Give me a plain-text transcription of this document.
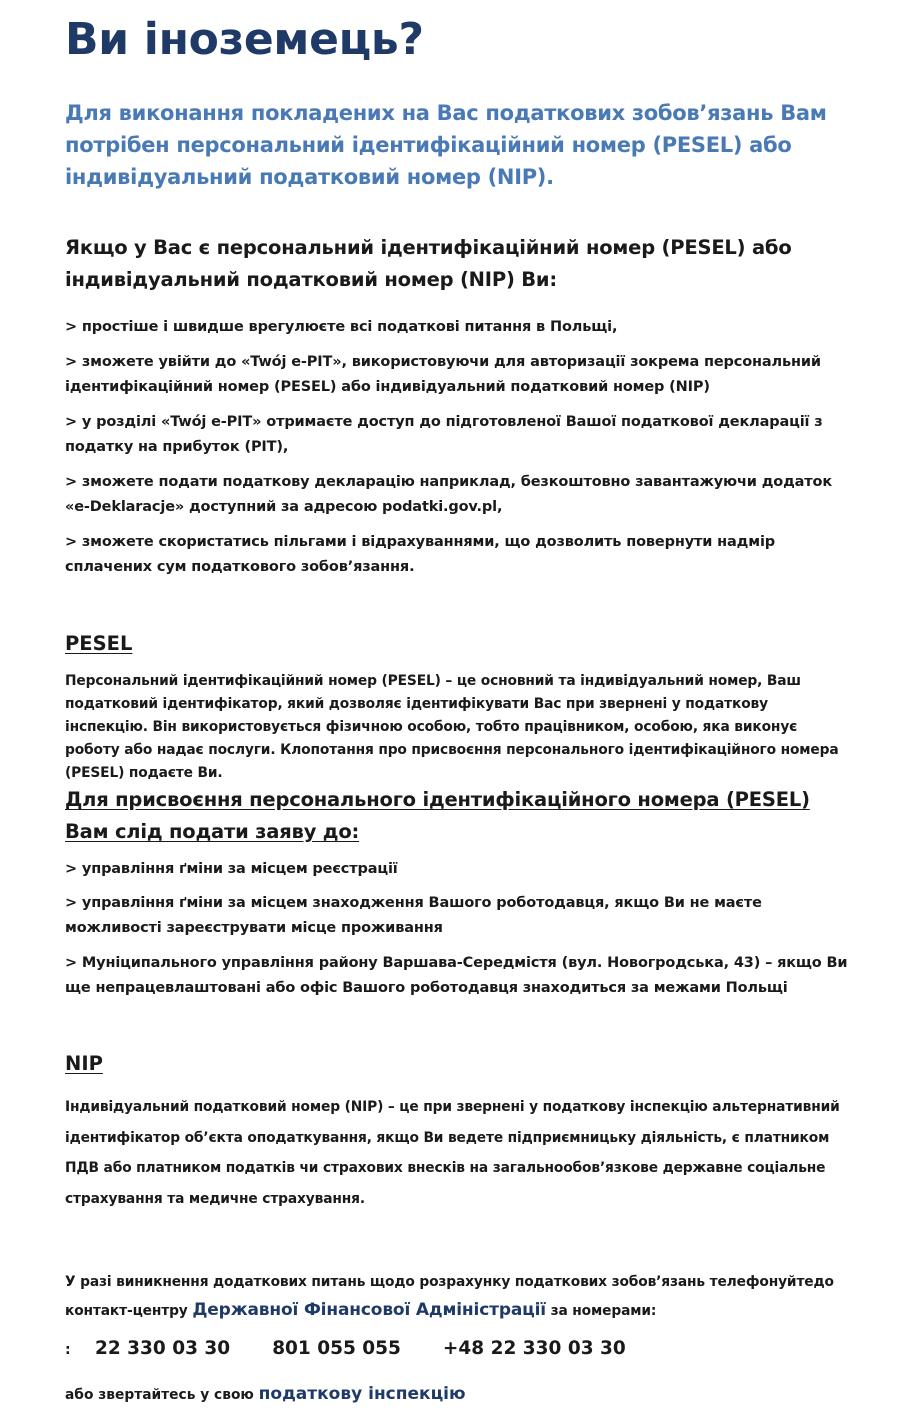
Ви іноземець?

Для виконання покладених на Вас податкових зобов’язань Вам потрібен персональний ідентифікаційний номер (PESEL) або індивідуальний податковий номер (NIP).

Якщо у Вас є персональний ідентифікаційний номер (PESEL) або індивідуальний податковий номер (NIP) Ви:

> простіше і швидше врегулюєте всі податкові питання в Польщі,

> зможете увійти до «Twój e-PIT», використовуючи для авторизації зокрема персональний ідентифікаційний номер (PESEL) або індивідуальний податковий номер (NIP)

> у розділі «Twój e-PIT» отримаєте доступ до підготовленої Вашої податкової декларації з податку на прибуток (PIT),

> зможете подати податкову декларацію наприклад, безкоштовно завантажуючи додаток «e-Deklaracje» доступний за адресою podatki.gov.pl,

> зможете скористатись пільгами і відрахуваннями, що дозволить повернути надмір сплачених сум податкового зобов’язання.

PESEL

Персональний ідентифікаційний номер (PESEL) – це основний та індивідуальний номер, Ваш податковий ідентифікатор, який дозволяє ідентифікувати Вас при звернені у податкову інспекцію. Він використовується фізичною особою, тобто працівником, особою, яка виконує роботу або надає послуги. Клопотання про присвоєння персонального ідентифікаційного номера (PESEL) подаєте Ви.

Для присвоєння персонального ідентифікаційного номера (PESEL) Вам слід подати заяву до:

> управління ґміни за місцем реєстрації

> управління ґміни за місцем знаходження Вашого роботодавця, якщо Ви не маєте можливості зареєструвати місце проживання

> Муніципального управління району Варшава-Середмістя (вул. Новогродська, 43) – якщо Ви ще непрацевлаштовані або офіс Вашого роботодавця знаходиться за межами Польщі

NIP

Індивідуальний податковий номер (NIP) – це при звернені у податкову інспекцію альтернативний ідентифікатор об’єкта оподаткування, якщо Ви ведете підприємницьку діяльність, є платником ПДВ або платником податків чи страхових внесків на загальнообов’язкове державне соціальне страхування та медичне страхування.

У разі виникнення додаткових питань щодо розрахунку податкових зобов’язань телефонуйтедо контакт-центру Державної Фінансової Адміністрації за номерами:

:	22 330 03 30 801 055 055 +48 22 330 03 30

або звертайтесь у свою податкову інспекцію
